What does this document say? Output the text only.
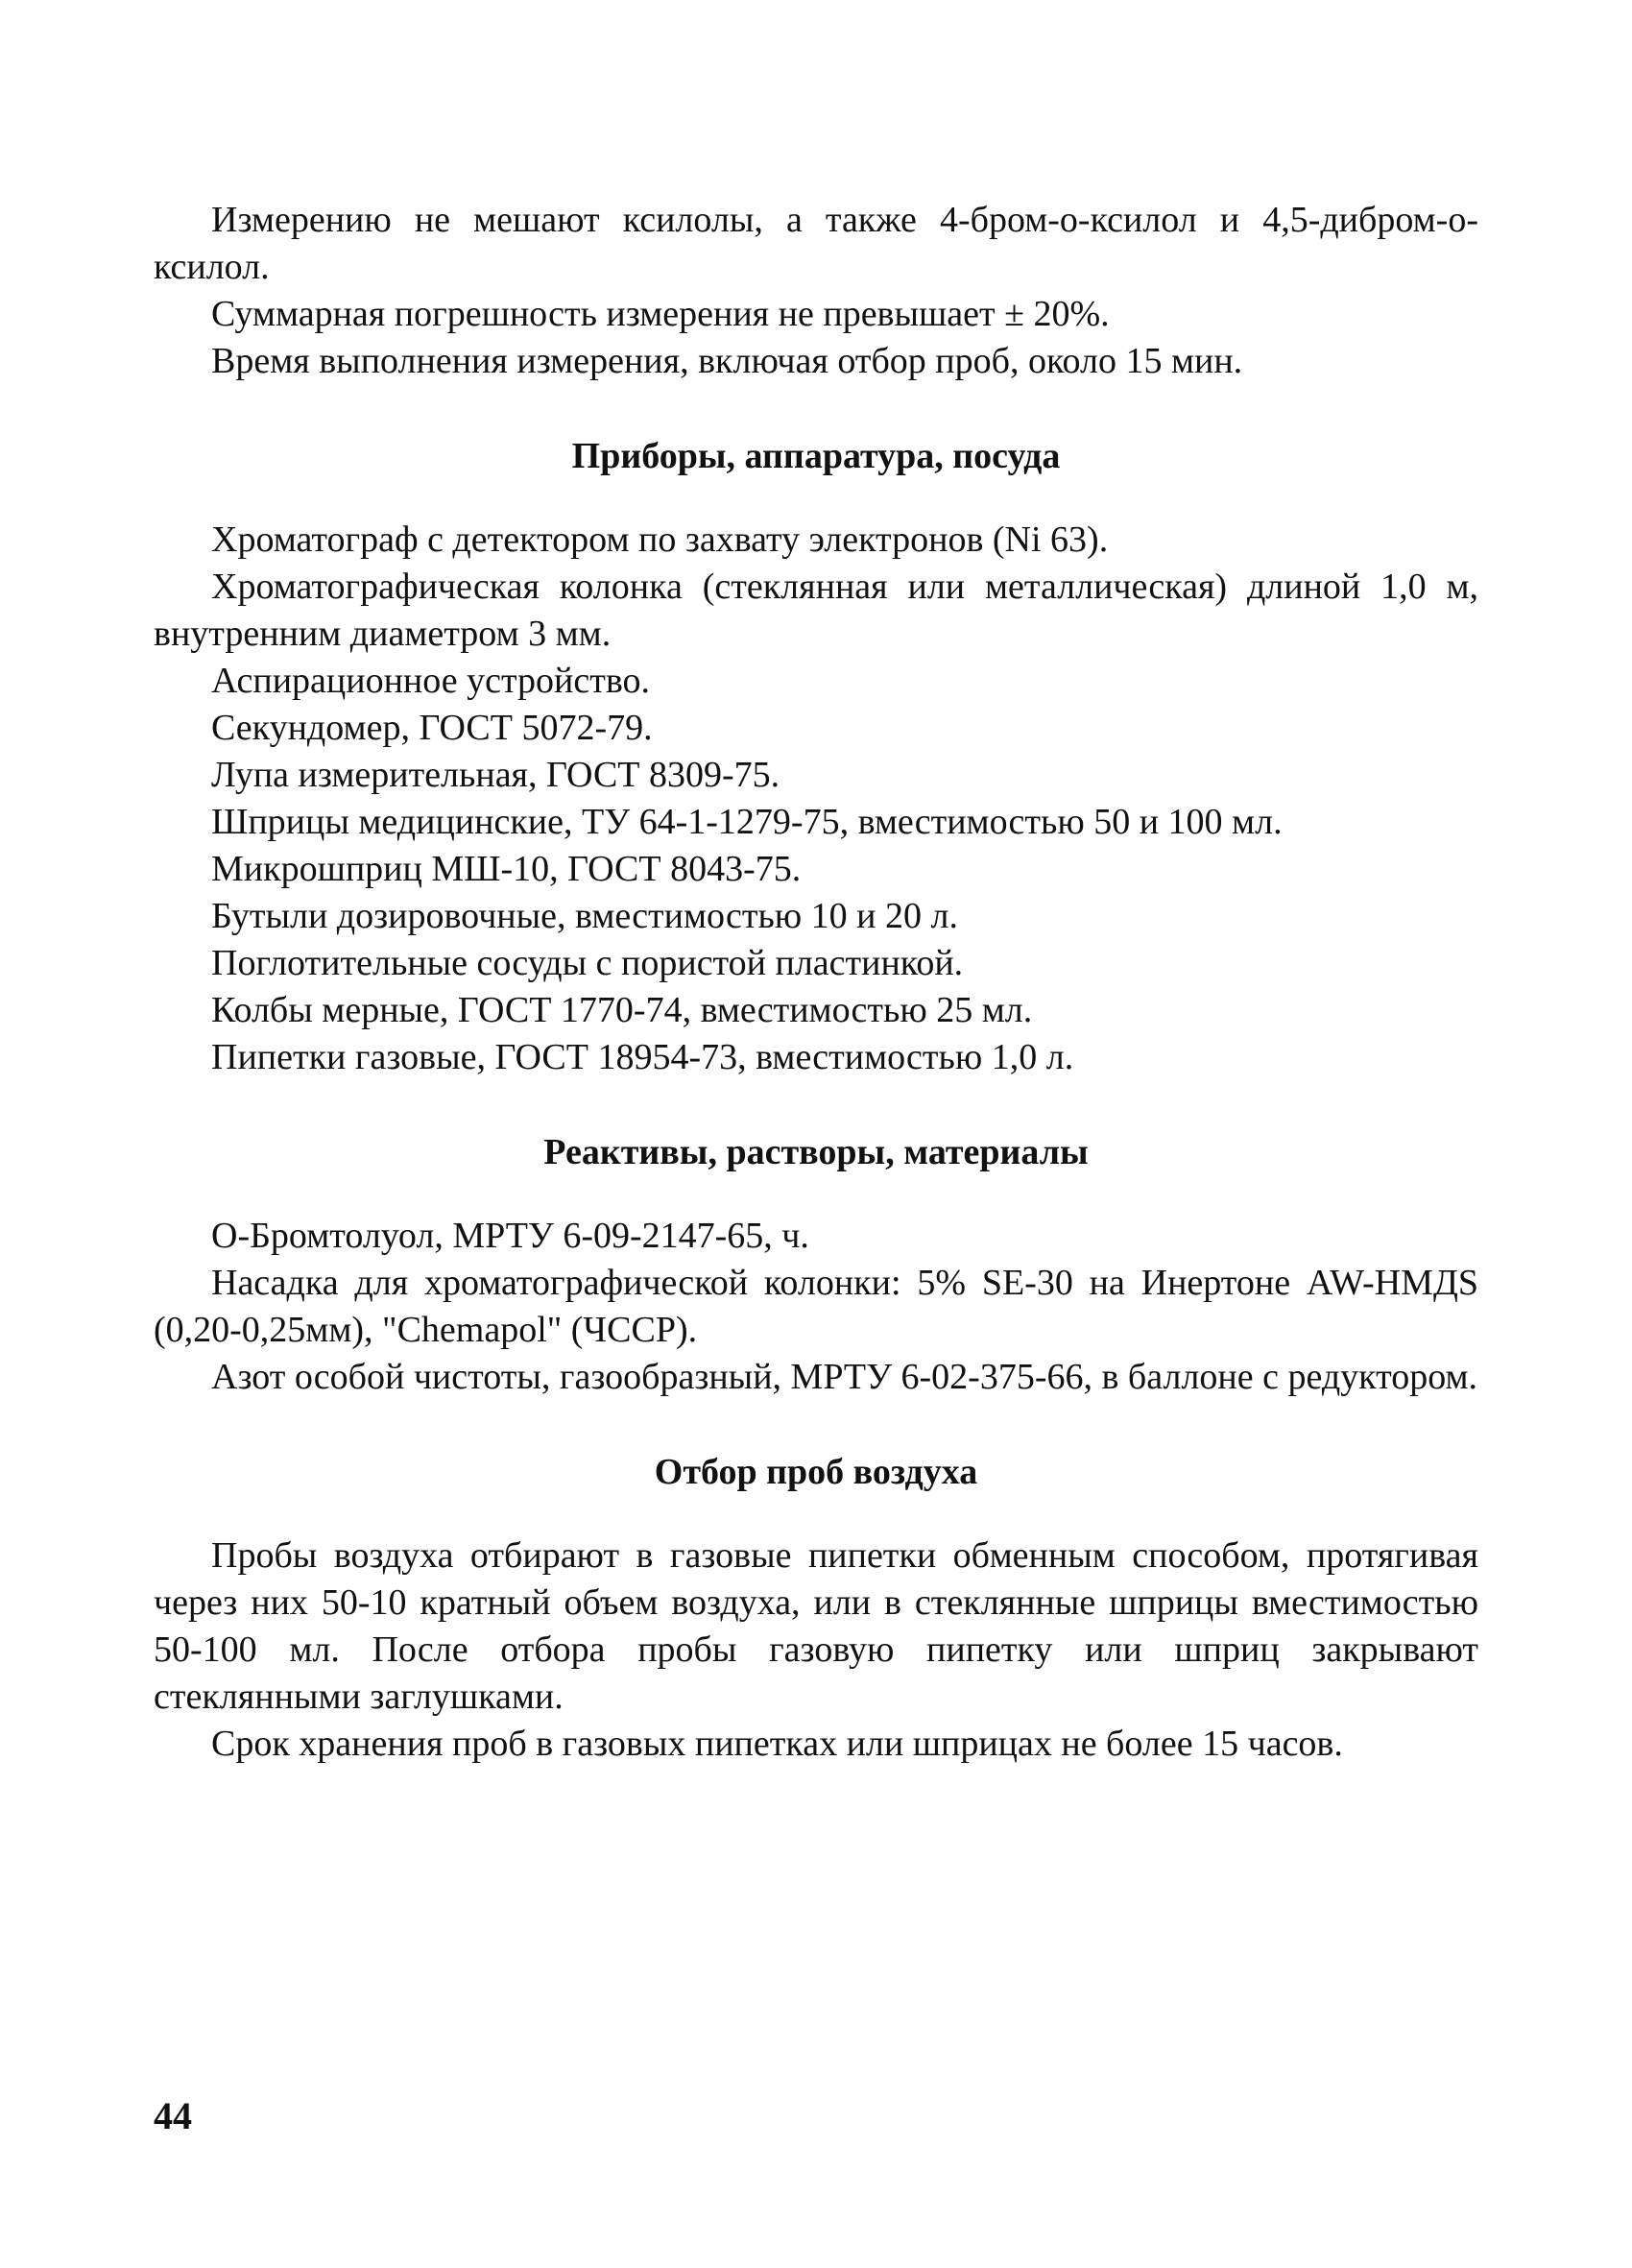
Измерению не мешают ксилолы, а также 4-бром-о-ксилол и 4,5-дибром-о-ксилол.

Суммарная погрешность измерения не превышает ± 20%.

Время выполнения измерения, включая отбор проб, около 15 мин.

Приборы, аппаратура, посуда

Хроматограф с детектором по захвату электронов (Ni 63).

Хроматографическая колонка (стеклянная или металлическая) длиной 1,0 м, внутренним диаметром 3 мм.

Аспирационное устройство.

Секундомер, ГОСТ 5072-79.

Лупа измерительная, ГОСТ 8309-75.

Шприцы медицинские, ТУ 64-1-1279-75, вместимостью 50 и 100 мл.

Микрошприц МШ-10, ГОСТ 8043-75.

Бутыли дозировочные, вместимостью 10 и 20 л.

Поглотительные сосуды с пористой пластинкой.

Колбы мерные, ГОСТ 1770-74, вместимостью 25 мл.

Пипетки газовые, ГОСТ 18954-73, вместимостью 1,0 л.

Реактивы, растворы, материалы

О-Бромтолуол, МРТУ 6-09-2147-65, ч.

Насадка для хроматографической колонки: 5% SE-30 на Инертоне AW-HMДS (0,20-0,25мм), "Chemapol" (ЧССР).

Азот особой чистоты, газообразный, МРТУ 6-02-375-66, в баллоне с редуктором.

Отбор проб воздуха

Пробы воздуха отбирают в газовые пипетки обменным способом, протягивая через них 50-10 кратный объем воздуха, или в стеклянные шприцы вместимостью 50-100 мл. После отбора пробы газовую пипетку или шприц закрывают стеклянными заглушками.

Срок хранения проб в газовых пипетках или шприцах не более 15 часов.

44
